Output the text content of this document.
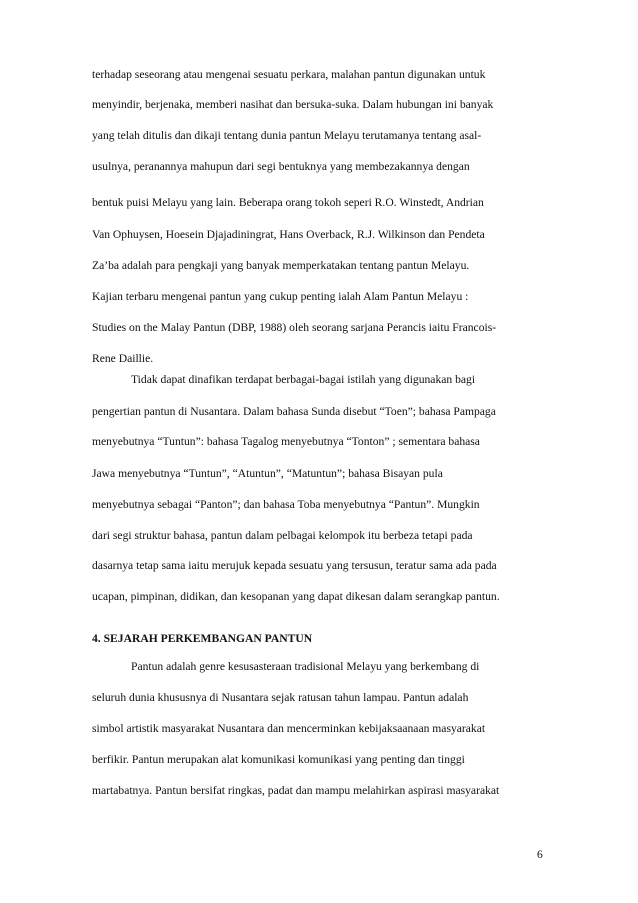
terhadap seseorang atau mengenai sesuatu perkara, malahan pantun digunakan untuk
menyindir, berjenaka, memberi nasihat dan bersuka-suka. Dalam hubungan ini banyak
yang telah ditulis dan dikaji tentang dunia pantun Melayu terutamanya tentang asal-
usulnya, peranannya mahupun dari segi bentuknya yang membezakannya dengan
bentuk puisi Melayu yang lain. Beberapa orang tokoh seperi R.O. Winstedt, Andrian
Van Ophuysen, Hoesein Djajadiningrat, Hans Overback, R.J. Wilkinson dan Pendeta
Za’ba adalah para pengkaji yang banyak memperkatakan tentang pantun Melayu.
Kajian terbaru mengenai pantun yang cukup penting ialah Alam Pantun Melayu :
Studies on the Malay Pantun (DBP, 1988) oleh seorang sarjana Perancis iaitu Francois-
Rene Daillie.
Tidak dapat dinafikan terdapat berbagai-bagai istilah yang digunakan bagi
pengertian pantun di Nusantara. Dalam bahasa Sunda disebut “Toen”; bahasa Pampaga
menyebutnya “Tuntun”: bahasa Tagalog menyebutnya “Tonton” ; sementara bahasa
Jawa menyebutnya “Tuntun”, “Atuntun”, “Matuntun”; bahasa Bisayan pula
menyebutnya sebagai “Panton”; dan bahasa Toba menyebutnya “Pantun”. Mungkin
dari segi struktur bahasa, pantun dalam pelbagai kelompok itu berbeza tetapi pada
dasarnya tetap sama iaitu merujuk kepada sesuatu yang tersusun, teratur sama ada pada
ucapan, pimpinan, didikan, dan kesopanan yang dapat dikesan dalam serangkap pantun.
4. SEJARAH PERKEMBANGAN PANTUN
Pantun adalah genre kesusasteraan tradisional Melayu yang berkembang di
seluruh dunia khususnya di Nusantara sejak ratusan tahun lampau. Pantun adalah
simbol artistik masyarakat Nusantara dan mencerminkan kebijaksaanaan masyarakat
berfikir. Pantun merupakan alat komunikasi komunikasi yang penting dan tinggi
martabatnya. Pantun bersifat ringkas, padat dan mampu melahirkan aspirasi masyarakat
6
